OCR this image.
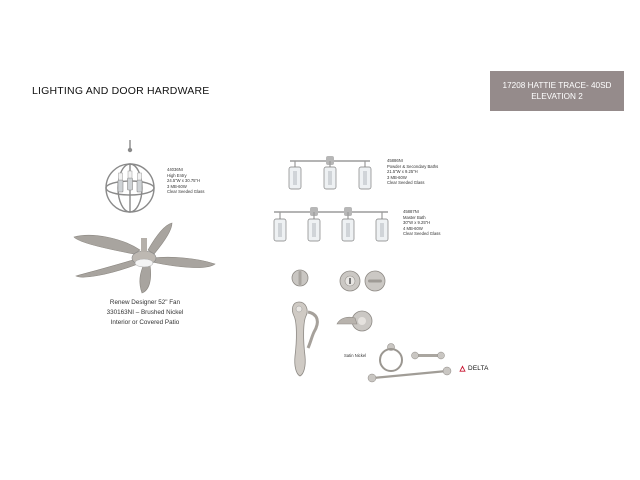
LIGHTING AND DOOR HARDWARE	17208 HATTIE TRACE- 40SD
ELEVATION 2
44036NI
High Entry
24.5"W x 30.75"H
3 MB-60W
Clear Seeded Glass
Renew Designer 52" Fan
330163NI – Brushed Nickel
Interior or Covered Patio
45886NI
Powder & Secondary Baths
21.5"W x 9.25"H
3 MB-60W
Clear Seeded Glass
45887NI
Master Bath
30"W x 9.25"H
4 MB-60W
Clear Seeded Glass
Satin Nickel
DELTA
